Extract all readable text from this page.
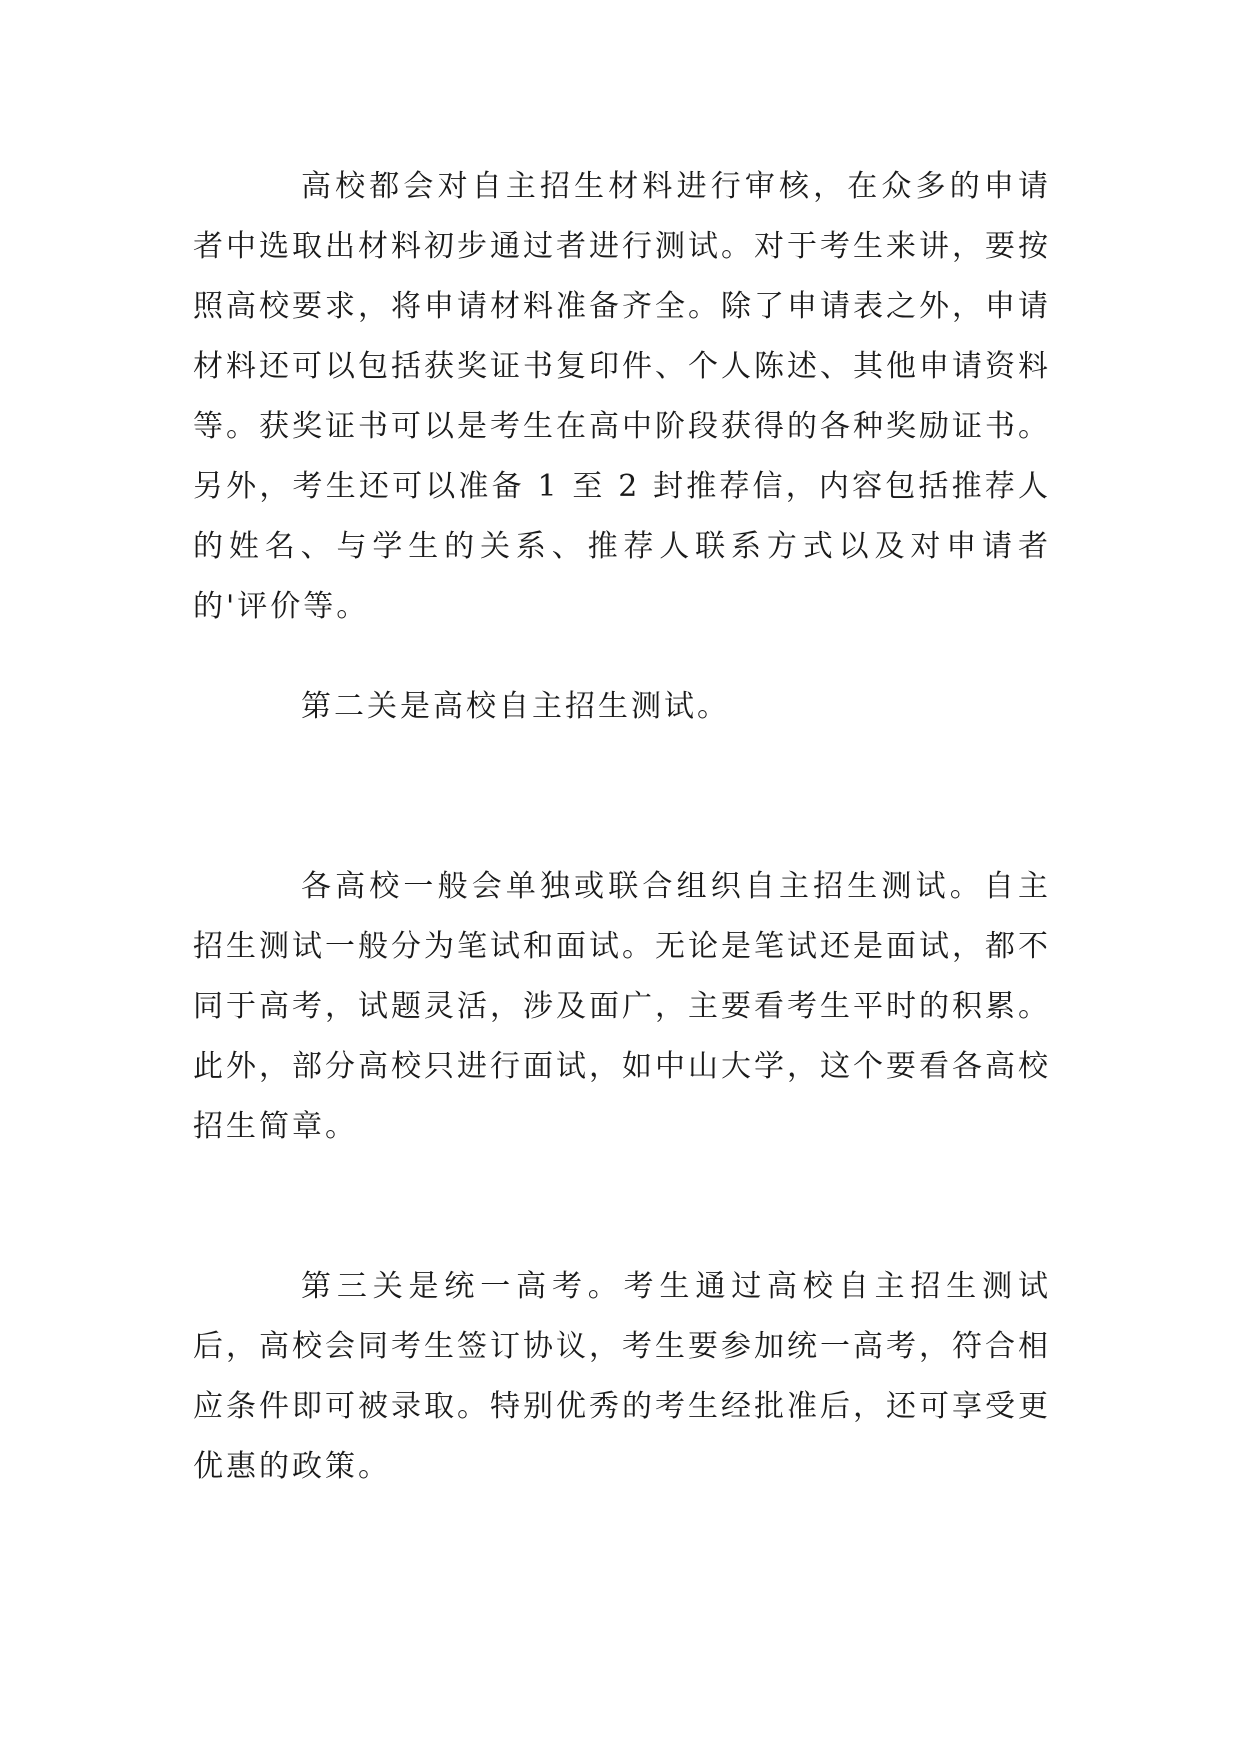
高校都会对自主招生材料进行审核，在众多的申请者中选取出材料初步通过者进行测试。对于考生来讲，要按照高校要求，将申请材料准备齐全。除了申请表之外，申请材料还可以包括获奖证书复印件、个人陈述、其他申请资料等。获奖证书可以是考生在高中阶段获得的各种奖励证书。另外，考生还可以准备 1 至 2 封推荐信，内容包括推荐人的姓名、与学生的关系、推荐人联系方式以及对申请者的'评价等。

第二关是高校自主招生测试。

各高校一般会单独或联合组织自主招生测试。自主招生测试一般分为笔试和面试。无论是笔试还是面试，都不同于高考，试题灵活，涉及面广，主要看考生平时的积累。此外，部分高校只进行面试，如中山大学，这个要看各高校招生简章。

第三关是统一高考。考生通过高校自主招生测试后，高校会同考生签订协议，考生要参加统一高考，符合相应条件即可被录取。特别优秀的考生经批准后，还可享受更优惠的政策。
